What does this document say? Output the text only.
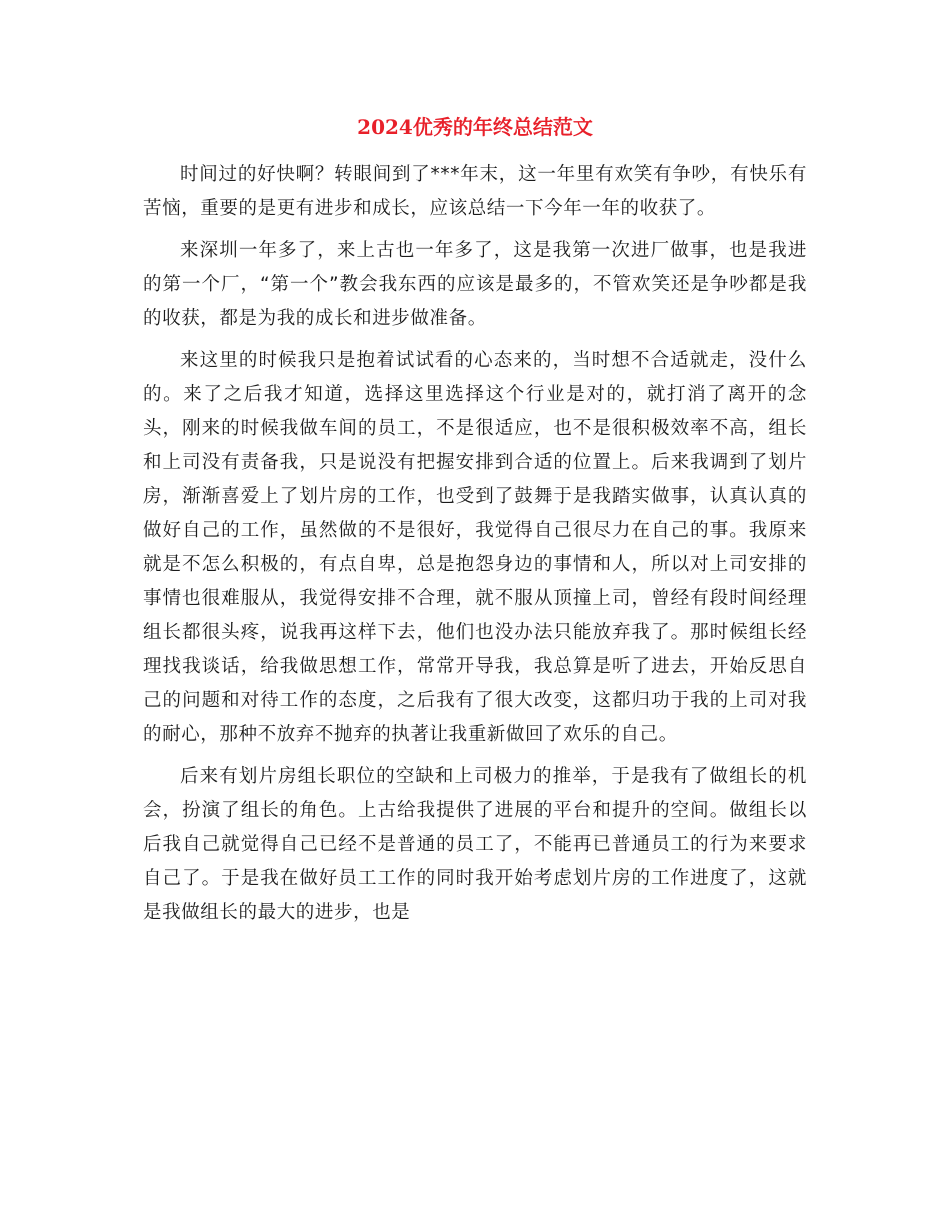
2024优秀的年终总结范文

时间过的好快啊？转眼间到了***年末，这一年里有欢笑有争吵，有快乐有苦恼，重要的是更有进步和成长，应该总结一下今年一年的收获了。

来深圳一年多了，来上古也一年多了，这是我第一次进厂做事，也是我进的第一个厂，“第一个”教会我东西的应该是最多的，不管欢笑还是争吵都是我的收获，都是为我的成长和进步做准备。

来这里的时候我只是抱着试试看的心态来的，当时想不合适就走，没什么的。来了之后我才知道，选择这里选择这个行业是对的，就打消了离开的念头，刚来的时候我做车间的员工，不是很适应，也不是很积极效率不高，组长和上司没有责备我，只是说没有把握安排到合适的位置上。后来我调到了划片房，渐渐喜爱上了划片房的工作，也受到了鼓舞于是我踏实做事，认真认真的做好自己的工作，虽然做的不是很好，我觉得自己很尽力在自己的事。我原来就是不怎么积极的，有点自卑，总是抱怨身边的事情和人，所以对上司安排的事情也很难服从，我觉得安排不合理，就不服从顶撞上司，曾经有段时间经理组长都很头疼，说我再这样下去，他们也没办法只能放弃我了。那时候组长经理找我谈话，给我做思想工作，常常开导我，我总算是听了进去，开始反思自己的问题和对待工作的态度，之后我有了很大改变，这都归功于我的上司对我的耐心，那种不放弃不抛弃的执著让我重新做回了欢乐的自己。

后来有划片房组长职位的空缺和上司极力的推举，于是我有了做组长的机会，扮演了组长的角色。上古给我提供了进展的平台和提升的空间。做组长以后我自己就觉得自己已经不是普通的员工了，不能再已普通员工的行为来要求自己了。于是我在做好员工工作的同时我开始考虑划片房的工作进度了，这就是我做组长的最大的进步，也是
